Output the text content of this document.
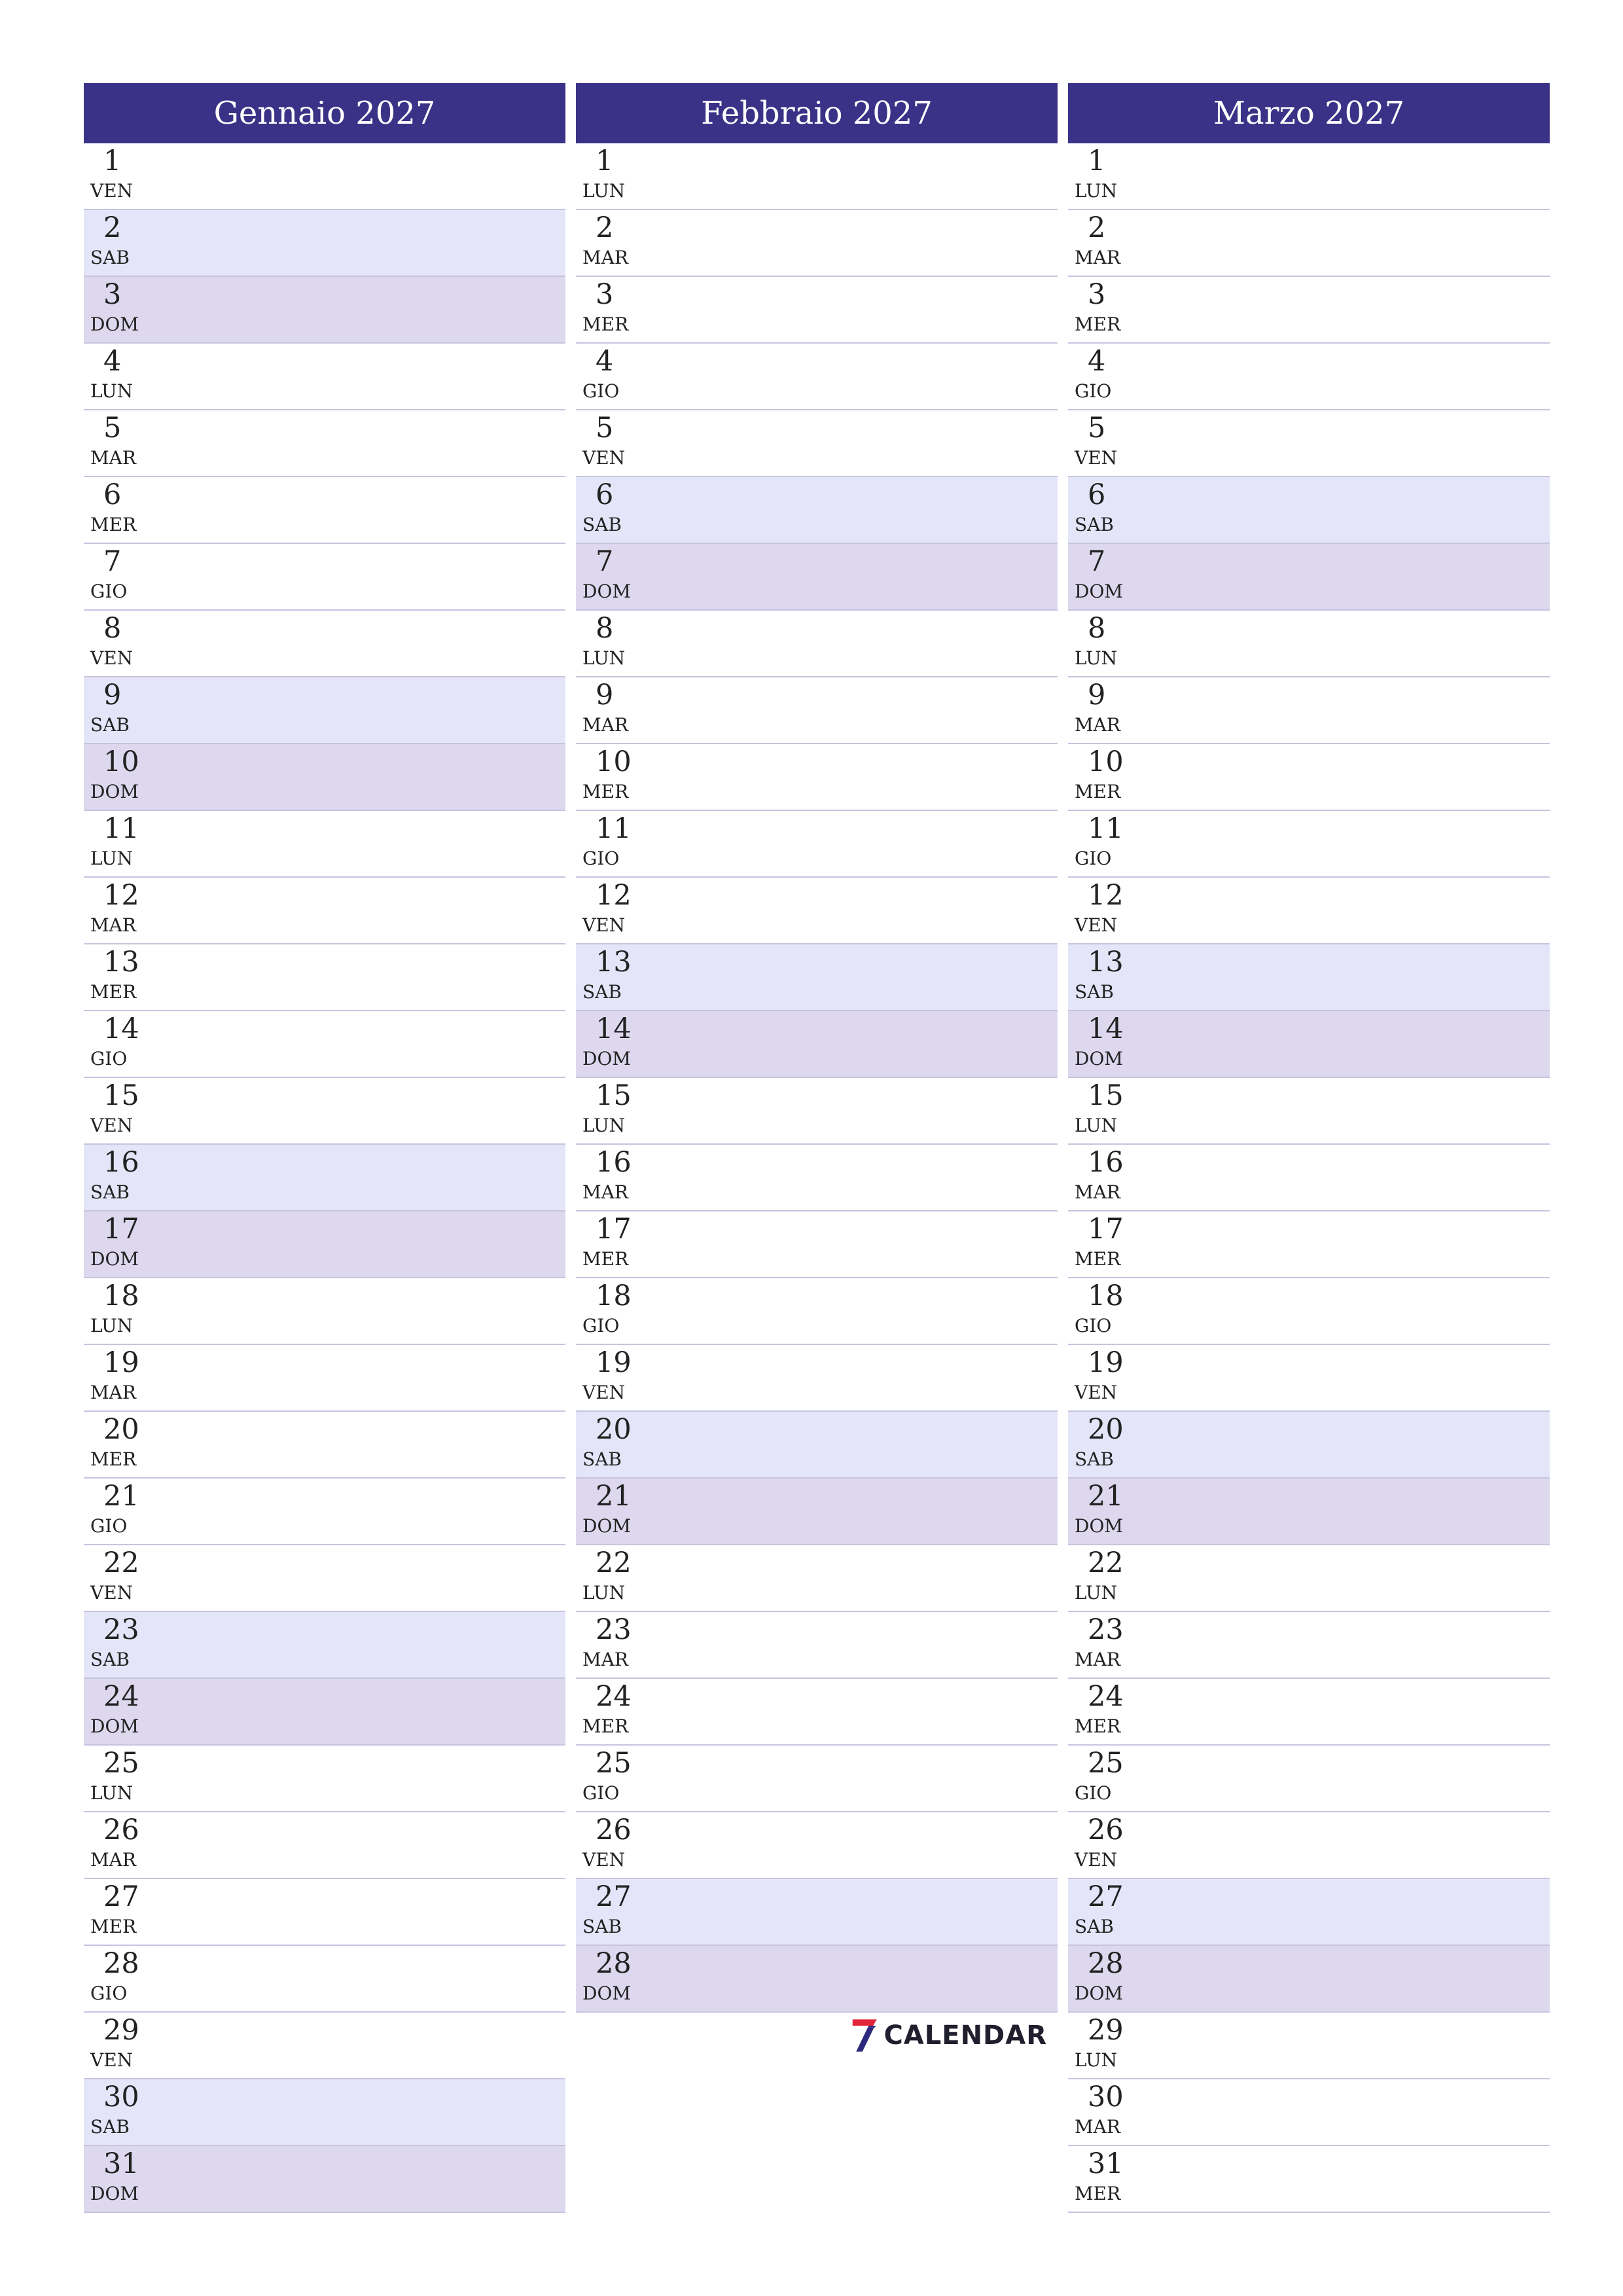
Gennaio 2027
1
VEN
2
SAB
3
DOM
4
LUN
5
MAR
6
MER
7
GIO
8
VEN
9
SAB
10
DOM
11
LUN
12
MAR
13
MER
14
GIO
15
VEN
16
SAB
17
DOM
18
LUN
19
MAR
20
MER
21
GIO
22
VEN
23
SAB
24
DOM
25
LUN
26
MAR
27
MER
28
GIO
29
VEN
30
SAB
31
DOM
Febbraio 2027
1
LUN
2
MAR
3
MER
4
GIO
5
VEN
6
SAB
7
DOM
8
LUN
9
MAR
10
MER
11
GIO
12
VEN
13
SAB
14
DOM
15
LUN
16
MAR
17
MER
18
GIO
19
VEN
20
SAB
21
DOM
22
LUN
23
MAR
24
MER
25
GIO
26
VEN
27
SAB
28
DOM
Marzo 2027
1
LUN
2
MAR
3
MER
4
GIO
5
VEN
6
SAB
7
DOM
8
LUN
9
MAR
10
MER
11
GIO
12
VEN
13
SAB
14
DOM
15
LUN
16
MAR
17
MER
18
GIO
19
VEN
20
SAB
21
DOM
22
LUN
23
MAR
24
MER
25
GIO
26
VEN
27
SAB
28
DOM
29
LUN
30
MAR
31
MER
CALENDAR
